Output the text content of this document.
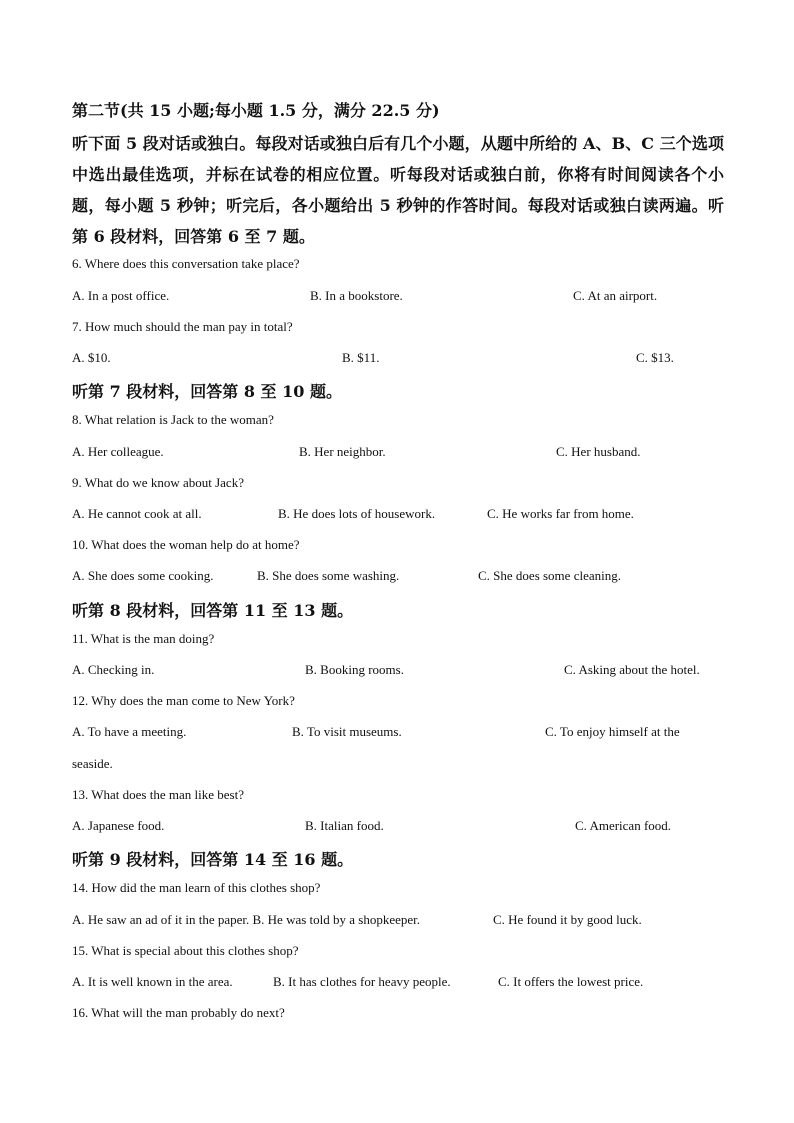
第二节(共 15 小题;每小题 1.5 分，满分 22.5 分)
听下面 5 段对话或独白。每段对话或独白后有几个小题，从题中所给的 A、B、C 三个选项中选出最佳选项，并标在试卷的相应位置。听每段对话或独白前，你将有时间阅读各个小题，每小题 5 秒钟；听完后，各小题给出 5 秒钟的作答时间。每段对话或独白读两遍。听第 6 段材料，回答第 6 至 7 题。
6. Where does this conversation take place?
A. In a post office.	B. In a bookstore.	C. At an airport.
7. How much should the man pay in total?
A. $10.	B. $11.	C. $13.
听第 7 段材料，回答第 8 至 10 题。
8. What relation is Jack to the woman?
A. Her colleague.	B. Her neighbor.	C. Her husband.
9. What do we know about Jack?
A. He cannot cook at all.	B. He does lots of housework.	C. He works far from home.
10. What does the woman help do at home?
A. She does some cooking.	B. She does some washing.	C. She does some cleaning.
听第 8 段材料，回答第 11 至 13 题。
11. What is the man doing?
A. Checking in.	B. Booking rooms.	C. Asking about the hotel.
12. Why does the man come to New York?
A. To have a meeting.	B. To visit museums.	C. To enjoy himself at the
seaside.
13. What does the man like best?
A. Japanese food.	B. Italian food.	C. American food.
听第 9 段材料，回答第 14 至 16 题。
14. How did the man learn of this clothes shop?
A. He saw an ad of it in the paper. B. He was told by a shopkeeper.	C. He found it by good luck.
15. What is special about this clothes shop?
A. It is well known in the area.	B. It has clothes for heavy people.	C. It offers the lowest price.
16. What will the man probably do next?
